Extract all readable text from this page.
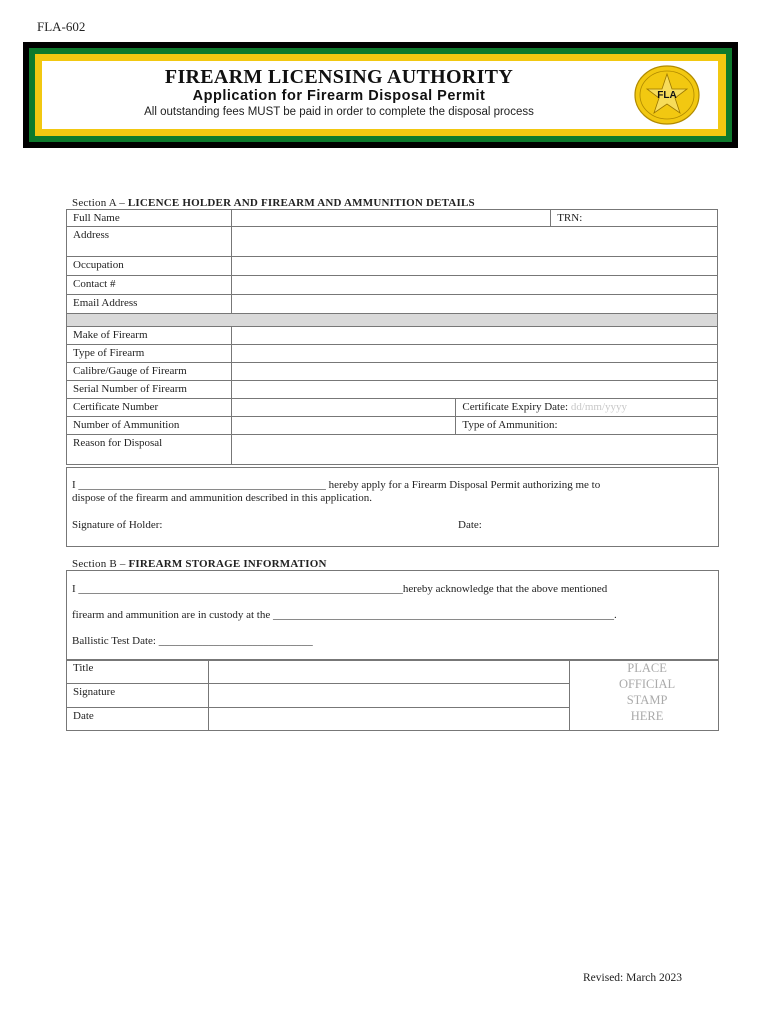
FLA-602
FIREARM LICENSING AUTHORITY
Application for Firearm Disposal Permit
All outstanding fees MUST be paid in order to complete the disposal process
FLA
Section A – LICENCE HOLDER AND FIREARM AND AMMUNITION DETAILS
Full Name			TRN:
Address			
Occupation			
Contact #			
Email Address			

Make of Firearm			
Type of Firearm			
Calibre/Gauge of Firearm			
Serial Number of Firearm			
Certificate Number		Certificate Expiry Date: dd/mm/yyyy	
Number of Ammunition		Type of Ammunition:	
Reason for Disposal			
I _____________________________________________ hereby apply for a Firearm Disposal Permit authorizing me to
dispose of the firearm and ammunition described in this application.
Signature of Holder:	Date:
Section B – FIREARM STORAGE INFORMATION
I ___________________________________________________________hereby acknowledge that the above mentioned
firearm and ammunition are in custody at the ______________________________________________________________.
Ballistic Test Date: ____________________________
Title		PLACE
OFFICIAL
STAMP
HERE

Signature		
Date		
Revised: March 2023
